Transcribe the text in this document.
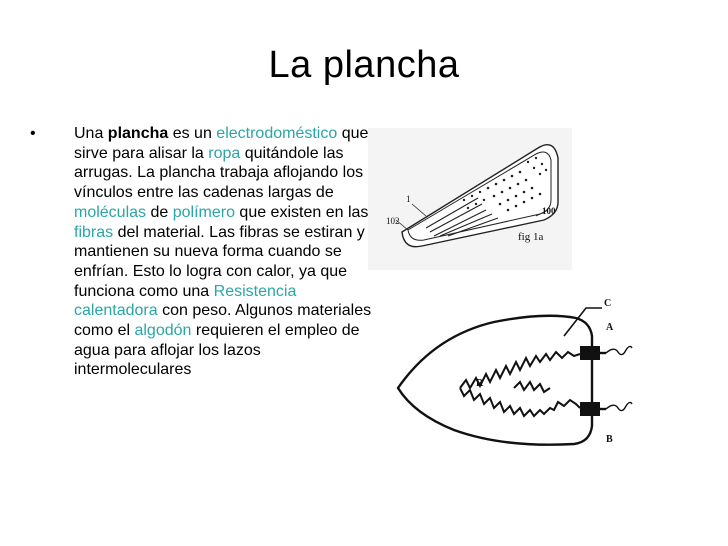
La plancha
• Una plancha es un electrodoméstico que sirve para alisar la ropa quitándole las arrugas. La plancha trabaja aflojando los vínculos entre las cadenas largas de moléculas de polímero que existen en las fibras del material. Las fibras se estiran y mantienen su nueva forma cuando se enfrían. Esto lo logra con calor, ya que funciona como una Resistencia calentadora con peso. Algunos materiales como el algodón requieren el empleo de agua para aflojar los lazos intermoleculares
1
102
100
fig 1a
C
A
B
R
